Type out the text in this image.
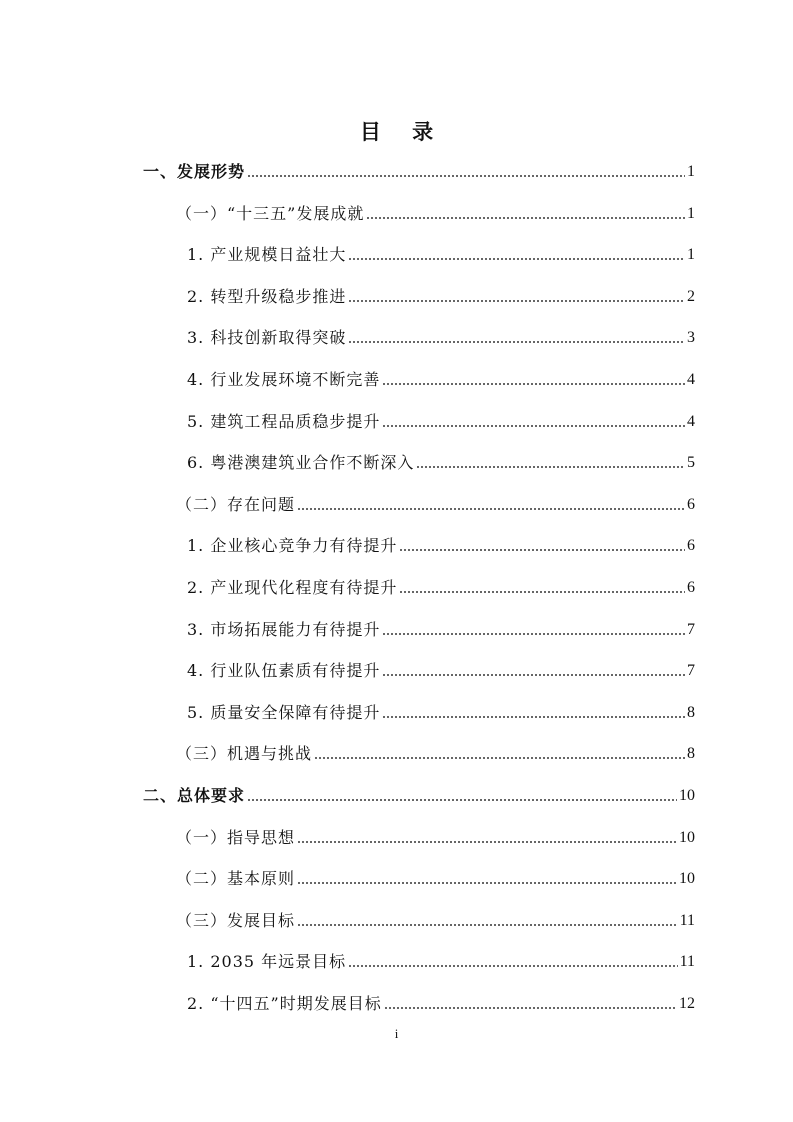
目 录
一、发展形势	1
（一）“十三五”发展成就	1
1. 产业规模日益壮大	1
2. 转型升级稳步推进	2
3. 科技创新取得突破	3
4. 行业发展环境不断完善	4
5. 建筑工程品质稳步提升	4
6. 粤港澳建筑业合作不断深入	5
（二）存在问题	6
1. 企业核心竞争力有待提升	6
2. 产业现代化程度有待提升	6
3. 市场拓展能力有待提升	7
4. 行业队伍素质有待提升	7
5. 质量安全保障有待提升	8
（三）机遇与挑战	8
二、总体要求	10
（一）指导思想	10
（二）基本原则	10
（三）发展目标	11
1. 2035 年远景目标	11
2. “十四五”时期发展目标	12
i
